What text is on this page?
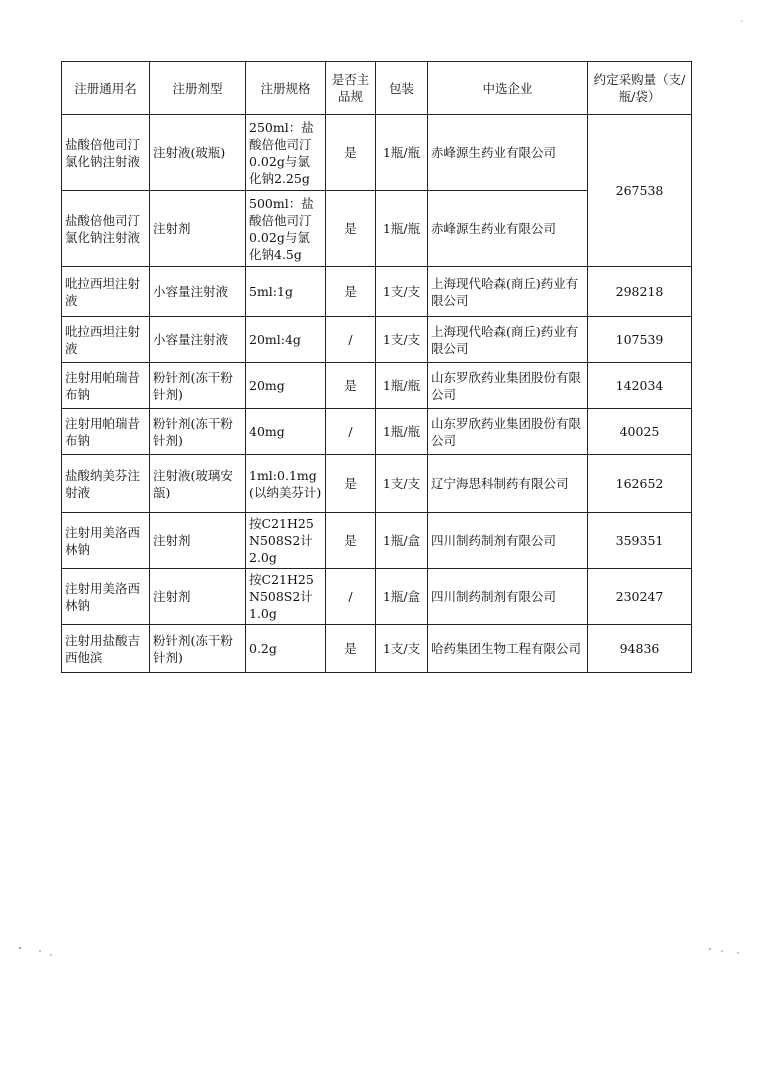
注册通用名	注册剂型	注册规格	是否主品规	包装	中选企业	约定采购量（支/瓶/袋）
盐酸倍他司汀氯化钠注射液	注射液(玻瓶)	250ml：盐酸倍他司汀0.02g与氯化钠2.25g	是	1瓶/瓶	赤峰源生药业有限公司	267538
盐酸倍他司汀氯化钠注射液	注射剂	500ml：盐酸倍他司汀0.02g与氯化钠4.5g	是	1瓶/瓶	赤峰源生药业有限公司	
吡拉西坦注射液	小容量注射液	5ml:1g	是	1支/支	上海现代哈森(商丘)药业有限公司	298218
吡拉西坦注射液	小容量注射液	20ml:4g	/	1支/支	上海现代哈森(商丘)药业有限公司	107539
注射用帕瑞昔布钠	粉针剂(冻干粉针剂)	20mg	是	1瓶/瓶	山东罗欣药业集团股份有限公司	142034
注射用帕瑞昔布钠	粉针剂(冻干粉针剂)	40mg	/	1瓶/瓶	山东罗欣药业集团股份有限公司	40025
盐酸纳美芬注射液	注射液(玻璃安瓿)	1ml:0.1mg(以纳美芬计)	是	1支/支	辽宁海思科制药有限公司	162652
注射用美洛西林钠	注射剂	按C21H25N508S2计 2.0g	是	1瓶/盒	四川制药制剂有限公司	359351
注射用美洛西林钠	注射剂	按C21H25N508S2计 1.0g	/	1瓶/盒	四川制药制剂有限公司	230247
注射用盐酸吉西他滨	粉针剂(冻干粉针剂)	0.2g	是	1支/支	哈药集团生物工程有限公司	94836
